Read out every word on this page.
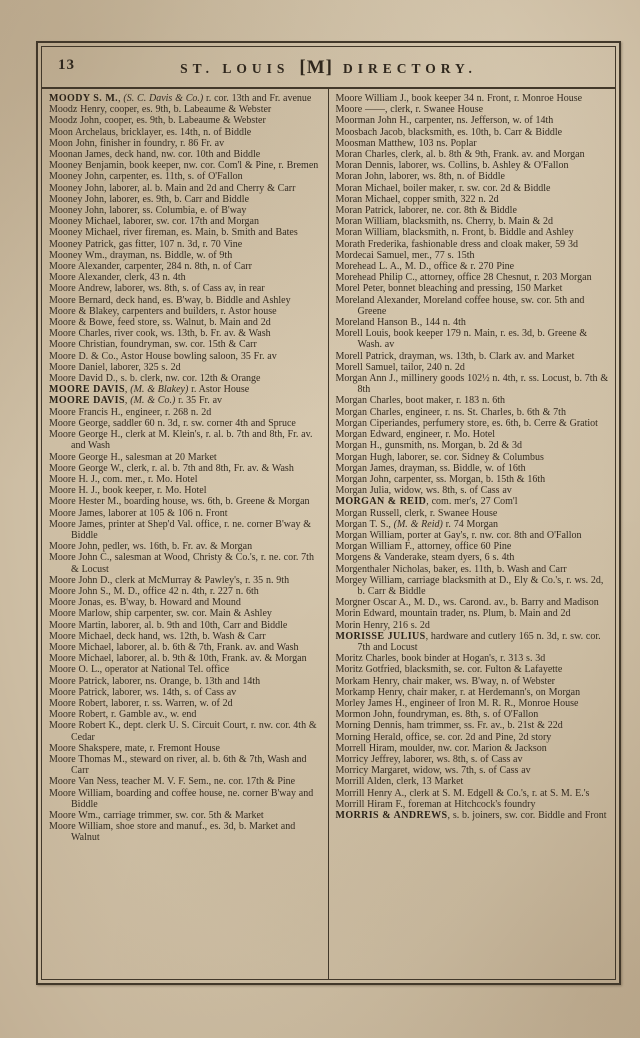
13	ST. LOUIS [M] DIRECTORY.

MOODY S. M., (S. C. Davis & Co.) r. cor. 13th and Fr. avenue

Moodz Henry, cooper, es. 9th, b. Labeaume & Webster

Moodz John, cooper, es. 9th, b. Labeaume & Webster

Moon Archelaus, bricklayer, es. 14th, n. of Biddle

Moon John, finisher in foundry, r. 86 Fr. av

Moonan James, deck hand, nw. cor. 10th and Biddle

Mooney Benjamin, book keeper, nw. cor. Com'l & Pine, r. Bremen

Mooney John, carpenter, es. 11th, s. of O'Fallon

Mooney John, laborer, al. b. Main and 2d and Cherry & Carr

Mooney John, laborer, es. 9th, b. Carr and Biddle

Mooney John, laborer, ss. Columbia, e. of B'way

Mooney Michael, laborer, sw. cor. 17th and Morgan

Mooney Michael, river fireman, es. Main, b. Smith and Bates

Mooney Patrick, gas fitter, 107 n. 3d, r. 70 Vine

Mooney Wm., drayman, ns. Biddle, w. of 9th

Moore Alexander, carpenter, 284 n. 8th, n. of Carr

Moore Alexander, clerk, 43 n. 4th

Moore Andrew, laborer, ws. 8th, s. of Cass av, in rear

Moore Bernard, deck hand, es. B'way, b. Biddle and Ashley

Moore & Blakey, carpenters and builders, r. Astor house

Moore & Bowe, feed store, ss. Walnut, b. Main and 2d

Moore Charles, river cook, ws. 13th, b. Fr. av. & Wash

Moore Christian, foundryman, sw. cor. 15th & Carr

Moore D. & Co., Astor House bowling saloon, 35 Fr. av

Moore Daniel, laborer, 325 s. 2d

Moore David D., s. b. clerk, nw. cor. 12th & Orange

MOORE DAVIS, (M. & Blakey) r. Astor House

MOORE DAVIS, (M. & Co.) r. 35 Fr. av

Moore Francis H., engineer, r. 268 n. 2d

Moore George, saddler 60 n. 3d, r. sw. corner 4th and Spruce

Moore George H., clerk at M. Klein's, r. al. b. 7th and 8th, Fr. av. and Wash

Moore George H., salesman at 20 Market

Moore George W., clerk, r. al. b. 7th and 8th, Fr. av. & Wash

Moore H. J., com. mer., r. Mo. Hotel

Moore H. J., book keeper, r. Mo. Hotel

Moore Hester M., boarding house, ws. 6th, b. Greene & Morgan

Moore James, laborer at 105 & 106 n. Front

Moore James, printer at Shep'd Val. office, r. ne. corner B'way & Biddle

Moore John, pedler, ws. 16th, b. Fr. av. & Morgan

Moore John C., salesman at Wood, Christy & Co.'s, r. ne. cor. 7th & Locust

Moore John D., clerk at McMurray & Pawley's, r. 35 n. 9th

Moore John S., M. D., office 42 n. 4th, r. 227 n. 6th

Moore Jonas, es. B'way, b. Howard and Mound

Moore Marlow, ship carpenter, sw. cor. Main & Ashley

Moore Martin, laborer, al. b. 9th and 10th, Carr and Biddle

Moore Michael, deck hand, ws. 12th, b. Wash & Carr

Moore Michael, laborer, al. b. 6th & 7th, Frank. av. and Wash

Moore Michael, laborer, al. b. 9th & 10th, Frank. av. & Morgan

Moore O. L., operator at National Tel. office

Moore Patrick, laborer, ns. Orange, b. 13th and 14th

Moore Patrick, laborer, ws. 14th, s. of Cass av

Moore Robert, laborer, r. ss. Warren, w. of 2d

Moore Robert, r. Gamble av., w. end

Moore Robert K., dept. clerk U. S. Circuit Court, r. nw. cor. 4th & Cedar

Moore Shakspere, mate, r. Fremont House

Moore Thomas M., steward on river, al. b. 6th & 7th, Wash and Carr

Moore Van Ness, teacher M. V. F. Sem., ne. cor. 17th & Pine

Moore William, boarding and coffee house, ne. corner B'way and Biddle

Moore Wm., carriage trimmer, sw. cor. 5th & Market

Moore William, shoe store and manuf., es. 3d, b. Market and Walnut

Moore William J., book keeper 34 n. Front, r. Monroe House

Moore ——, clerk, r. Swanee House

Moorman John H., carpenter, ns. Jefferson, w. of 14th

Moosbach Jacob, blacksmith, es. 10th, b. Carr & Biddle

Moosman Matthew, 103 ns. Poplar

Moran Charles, clerk, al. b. 8th & 9th, Frank. av. and Morgan

Moran Dennis, laborer, ws. Collins, b. Ashley & O'Fallon

Moran John, laborer, ws. 8th, n. of Biddle

Moran Michael, boiler maker, r. sw. cor. 2d & Biddle

Moran Michael, copper smith, 322 n. 2d

Moran Patrick, laborer, ne. cor. 8th & Biddle

Moran William, blacksmith, ns. Cherry, b. Main & 2d

Moran William, blacksmith, n. Front, b. Biddle and Ashley

Morath Frederika, fashionable dress and cloak maker, 59 3d

Mordecai Samuel, mer., 77 s. 15th

Morehead L. A., M. D., office & r. 270 Pine

Morehead Philip C., attorney, office 28 Chesnut, r. 203 Morgan

Morel Peter, bonnet bleaching and pressing, 150 Market

Moreland Alexander, Moreland coffee house, sw. cor. 5th and Greene

Moreland Hanson B., 144 n. 4th

Morell Louis, book keeper 179 n. Main, r. es. 3d, b. Greene & Wash. av

Morell Patrick, drayman, ws. 13th, b. Clark av. and Market

Morell Samuel, tailor, 240 n. 2d

Morgan Ann J., millinery goods 102½ n. 4th, r. ss. Locust, b. 7th & 8th

Morgan Charles, boot maker, r. 183 n. 6th

Morgan Charles, engineer, r. ns. St. Charles, b. 6th & 7th

Morgan Ciperiandes, perfumery store, es. 6th, b. Cerre & Gratiot

Morgan Edward, engineer, r. Mo. Hotel

Morgan H., gunsmith, ns. Morgan, b. 2d & 3d

Morgan Hugh, laborer, se. cor. Sidney & Columbus

Morgan James, drayman, ss. Biddle, w. of 16th

Morgan John, carpenter, ss. Morgan, b. 15th & 16th

Morgan Julia, widow, ws. 8th, s. of Cass av

MORGAN & REID, com. mer's, 27 Com'l

Morgan Russell, clerk, r. Swanee House

Morgan T. S., (M. & Reid) r. 74 Morgan

Morgan William, porter at Gay's, r. nw. cor. 8th and O'Fallon

Morgan William F., attorney, office 60 Pine

Morgens & Vanderake, steam dyers, 6 s. 4th

Morgenthaler Nicholas, baker, es. 11th, b. Wash and Carr

Morgey William, carriage blacksmith at D., Ely & Co.'s, r. ws. 2d, b. Carr & Biddle

Morgner Oscar A., M. D., ws. Carond. av., b. Barry and Madison

Morin Edward, mountain trader, ns. Plum, b. Main and 2d

Morin Henry, 216 s. 2d

MORISSE JULIUS, hardware and cutlery 165 n. 3d, r. sw. cor. 7th and Locust

Moritz Charles, book binder at Hogan's, r. 313 s. 3d

Moritz Gotfried, blacksmith, se. cor. Fulton & Lafayette

Morkam Henry, chair maker, ws. B'way, n. of Webster

Morkamp Henry, chair maker, r. at Herdemann's, on Morgan

Morley James H., engineer of Iron M. R. R., Monroe House

Mormon John, foundryman, es. 8th, s. of O'Fallon

Morning Dennis, ham trimmer, ss. Fr. av., b. 21st & 22d

Morning Herald, office, se. cor. 2d and Pine, 2d story

Morrell Hiram, moulder, nw. cor. Marion & Jackson

Morricy Jeffrey, laborer, ws. 8th, s. of Cass av

Morricy Margaret, widow, ws. 7th, s. of Cass av

Morrill Alden, clerk, 13 Market

Morrill Henry A., clerk at S. M. Edgell & Co.'s, r. at S. M. E.'s

Morrill Hiram F., foreman at Hitchcock's foundry

MORRIS & ANDREWS, s. b. joiners, sw. cor. Biddle and Front
